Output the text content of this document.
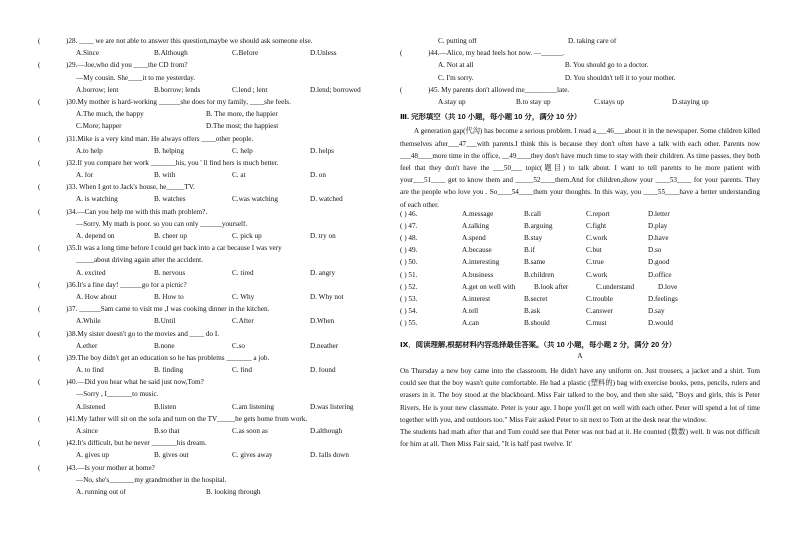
(	)28. ____ we are not able to answer this question,maybe we should ask someone else.
A.Since	B.Although	C.Before	D.Unless
(	)29.—Joe,who did you ____the CD from?
—My cousin. She____it to me yesterday.
A.borrow; lent	B.borrow; lends	C.lend ; lent	D.lend; borrowed
(	)30.My mother is hard-working ______she does for my family, ____she feels.
A.The much, the happy	B. The more, the happier
C.More; happer	D.The most; the happiest
(	)31.Mike is a very kind man. He always offers ____other people.
A.to help	B. helping	C. help	D. helps
(	)32.If you compare her work _______his, you ' ll find hers is much better.
A. for	B. with	C. at	D. on
(	)33. When I got to Jack's house, he_____TV.
A. is watching	B. watches	C.was watching	D. watched
(	)34.—Can you help me with this math problem?.
—Sorry. My math is poor. so you can only ______yourself.
A. depend on	B. cheer up	C. pick up	D. try on
(	)35.It was a long time before I could get back into a car because I was very
_____about driving again after the accident.
A. excited	B. nervous	C. tired	D. angry
(	)36.It's a fine day! ______go for a picnic?
A. How about	B. How to	C. Why	D. Why not
(	)37. ______Sam came to visit me ,I was cooking dinner in the kitchen.
A.While	B.Until	C.After	D.When
(	)38.My sister doesn't go to the movies and ____ do I.
A.ether	B.none	C.so	D.neather
(	)39.The boy didn't get an education so he has problems _______ a job.
A. to find	B. finding	C. find	D. found
(	)40.—Did you hear what he said just now,Tom?
—Sorry , I_______to music.
A.listened	B.listen	C.am listening	D.was listering
(	)41.My father will sit on the sofa and turn on the TV_____he gets home from work.
A.since	B.so that	C.as soon as	D.although
(	)42.It's difficult, but he never _______his dream.
A. gives up	B. gives out	C. gives away	D. falls down
(	)43.—Is your mother at home?
—No, she's_______my grandmother in the hospital.
A. running out of	B. looking through
C. putting off	D. taking care of
(	)44.—Alice, my head feels hot now. —______.
A. Not at all	B. You should go to a doctor.
C. I'm sorry.	D. You shouldn't tell it to your mother.
(	)45. My parents don't allowed me_________late.
A.stay up	B.to stay up	C.stays up	D.staying up
Ⅲ. 完形填空（共 10 小题，每小题 10 分，满分 10 分）
A generation gap(代沟) has become a serious problem. I read a___46___about it in the newspaper. Some children killed themselves after___47___with parents.I think this is because they don't often have a talk with each other. Parents now ___48____more time in the office, __49____they don't have much time to stay with their children. As time passes, they both feel that they don't have the ___50___ topic(题目) to talk about. I want to tell parents to be more patient with your___51____ get to know them and _____52____them.And for children,show your ____53____ for your parents. They are the people who love you . So____54____them your thoughts. In this way, you ____55____have a better understanding of each other.
( ) 46.	A.message	B.call	C.report	D.letter
( ) 47.	A.talking	B.arguing	C.fight	D.play
( ) 48.	A.spend	B.stay	C.work	D.have
( ) 49.	A.because	B.if	C.but	D.so
( ) 50.	A.interesting	B.same	C.true	D.good
( ) 51.	A.business	B.children	C.work	D.office
( ) 52.	A.get on well with	B.look after	C.understand	D.love
( ) 53.	A.interest	B.secret	C.trouble	D.feelings
( ) 54.	A.tell	B.ask	C.answer	D.say
( ) 55.	A.can	B.should	C.must	D.would
Ⅸ．阅读理解,根据材料内容选择最佳答案。（共 10 小题，每小题 2 分，满分 20 分）
A
On Thursday a new boy came into the classroom. He didn't have any uniform on. Just trousers, a jacket and a shirt. Tom could see that the boy wasn't quite comfortable. He had a plastic (塑料的) bag with exercise books, pens, pencils, rulers and erasers in it. The boy stood at the blackboard. Miss Fair talked to the boy, and then she said, "Boys and girls, this is Peter Rivers. He is your new classmate. Peter is your age. I hope you'll get on well with each other. Peter will spend a lot of time together with you, and outdoors too." Miss Fair asked Peter to sit next to Tom at the desk near the window.
The students had math after that and Tom could see that Peter was not bad at it. He counted (数数) well. It was not difficult for him at all. Then Miss Fair said, "It is half past twelve. It'
